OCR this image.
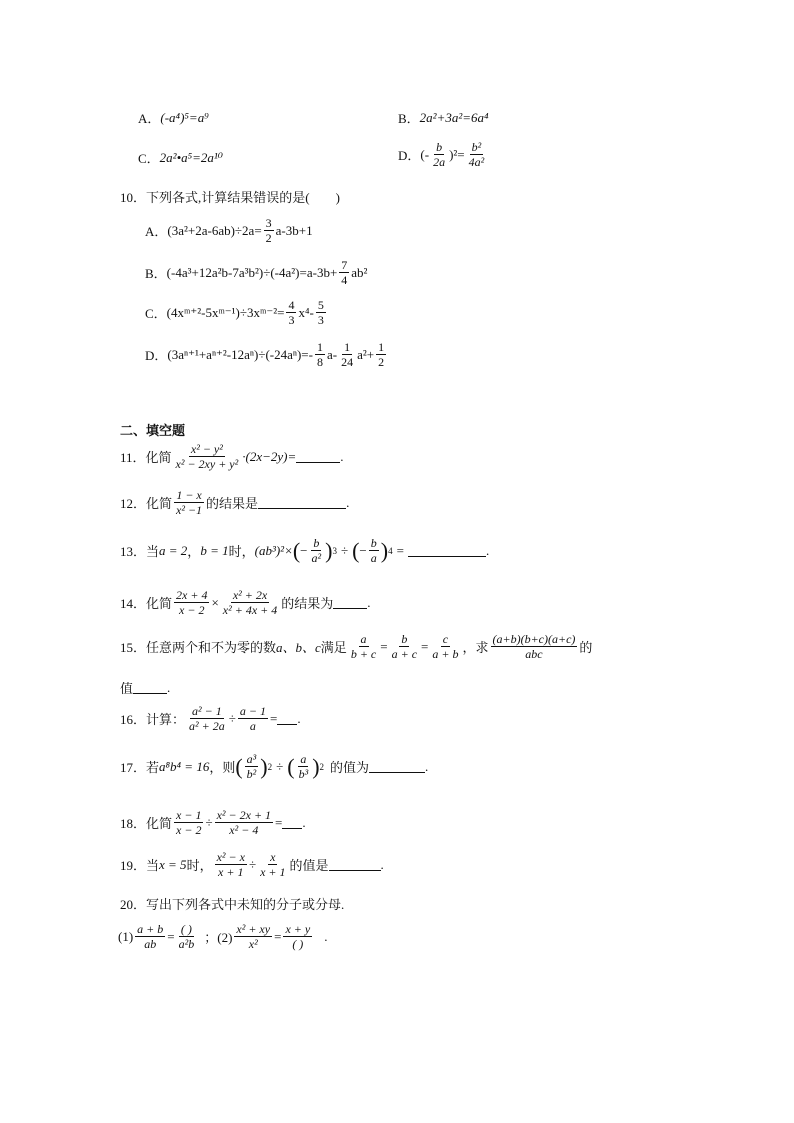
A． (-a⁴)⁵=a⁹	B． 2a²+3a²=6a⁴
C． 2a²•a⁵=2a¹⁰	D． (- $\frac{b}{2a} )^2= \frac{\text{b²}}{\text{4a²}}$
10．下列各式,计算结果错误的是(　　)
A． $(3a^2+2a-6ab)\div 2a= \frac{3}{2} a-3b+1$
B． $(-4a^3+12a^2b-7a^3b^2)\div(-4a^2)=a-3b+ \frac{7}{4} ab^2$
C． (4xᵐ⁺²-5xᵐ⁻¹)÷3xᵐ⁻²= $\frac{4}{3} x^4- \frac{5}{3}$
D． $(3a^{n+1}+a^{n+2}-12a^n)\div(-24a^n)=- \frac{1}{8} a- \frac{1}{24} a^2+ \frac{1}{2}$
二、填空题
11．化简 $\frac{\text{x² − y²}}{\text{x² − 2xy + y²}} \cdot(2x-2y)=$	.
12．化简 $\frac{1 - x}{\text{x² −1}}$ 的结果是	.
13．当 a = 2 ， b = 1 时， (ab³)²× ( − $\frac{b}{\text{a²}}$ ) 3 ÷ ( − $\frac{b}{a}$ ) 4 =	.
14．化简 $\frac{2x + 4}{x - 2} \times \frac{\text{x² + 2x}}{\text{x² + 4x + 4}}$ 的结果为	.
15．任意两个和不为零的数 a、b、c 满足 $\frac{a}{b + c} = \frac{b}{a + c} = \frac{c}{a + b}$ ，求 $\frac{(a+b)(b+c)(a+c)}{\text{abc}}$ 的
值	.
16．计算： $\frac{\text{a² − 1}}{\text{a² + 2a}} \div \frac{a - 1}{a}$ = .
17．若 a⁸b⁴ = 16 ，则 ( $\frac{\text{a³}}{\text{b²}}$ ) 2 ÷ ( $\frac{a}{\text{b³}}$ ) 2 的值为	.
18．化简 $\frac{x - 1}{x - 2} \div \frac{\text{x² − 2x + 1}}{\text{x² − 4}}$ = .
19．当 x = 5 时， $\frac{\text{x² − x}}{x + 1} \div \frac{x}{x + 1}$ 的值是	.
20．写出下列各式中未知的分子或分母.
$(1) \frac{a + b}{ab} = \frac{( )}{\text{a²b}}$ ；$(2) \frac{\text{x² + xy}}{\text{x²}} = \frac{x + y}{( )}$ .
